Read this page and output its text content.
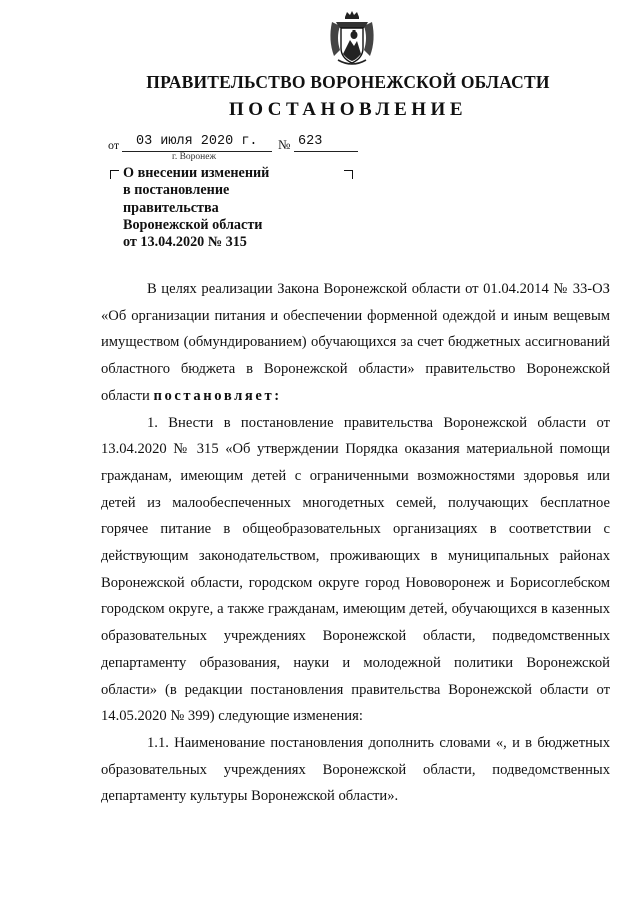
ПРАВИТЕЛЬСТВО ВОРОНЕЖСКОЙ ОБЛАСТИ
ПОСТАНОВЛЕНИЕ
от 03 июля 2020 г. № 623
г. Воронеж
О внесении изменений
в постановление
правительства
Воронежской области
от 13.04.2020 № 315

В целях реализации Закона Воронежской области от 01.04.2014 № 33-ОЗ «Об организации питания и обеспечении форменной одеждой и иным вещевым имуществом (обмундированием) обучающихся за счет бюджетных ассигнований областного бюджета в Воронежской области» правительство Воронежской области постановляет:

1. Внести в постановление правительства Воронежской области от 13.04.2020 № 315 «Об утверждении Порядка оказания материальной помощи гражданам, имеющим детей с ограниченными возможностями здоровья или детей из малообеспеченных многодетных семей, получающих бесплатное горячее питание в общеобразовательных организациях в соответствии с действующим законодательством, проживающих в муниципальных районах Воронежской области, городском округе город Нововоронеж и Борисоглебском городском округе, а также гражданам, имеющим детей, обучающихся в казенных образовательных учреждениях Воронежской области, подведомственных департаменту образования, науки и молодежной политики Воронежской области» (в редакции постановления правительства Воронежской области от 14.05.2020 № 399) следующие изменения:

1.1. Наименование постановления дополнить словами «, и в бюджетных образовательных учреждениях Воронежской области, подведомственных департаменту культуры Воронежской области».
